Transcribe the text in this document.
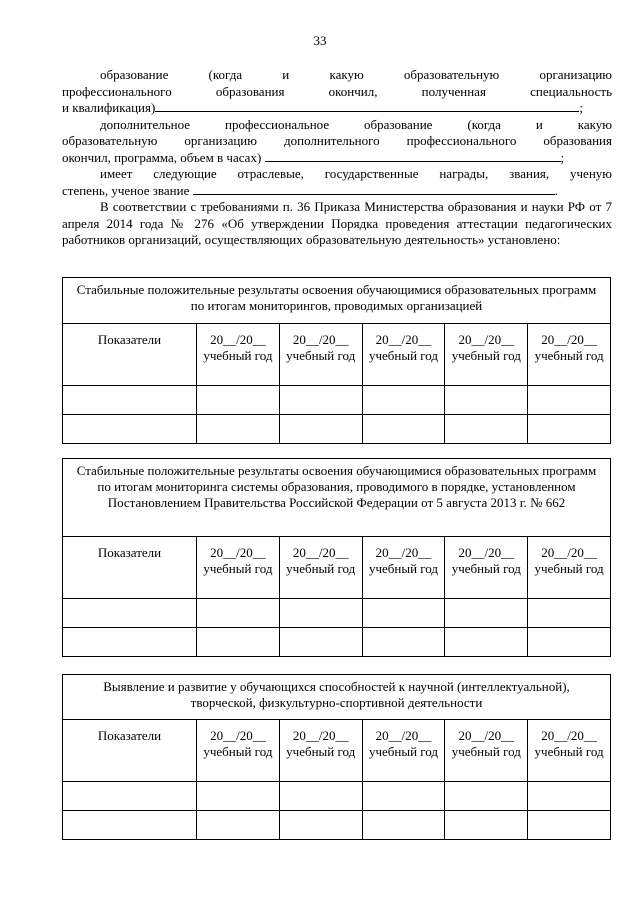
33

образование (когда и какую образовательную организацию

профессионального образования окончил, полученная специальность

и квалификация)	;

дополнительное профессиональное образование (когда и какую

образовательную организацию дополнительного профессионального образования

окончил, программа, объем в часах)	;

имеет следующие отраслевые, государственные награды, звания, ученую

степень, ученое звание	.

В соответствии с требованиями п. 36 Приказа Министерства образования и науки РФ от 7 апреля 2014 года № 276 «Об утверждении Порядка проведения аттестации педагогических работников организаций, осуществляющих образовательную деятельность» установлено:

Стабильные положительные результаты освоения обучающимися образовательных программ по итогам мониторингов, проводимых организацией					
Показатели	20__/20__ учебный год	20__/20__ учебный год	20__/20__ учебный год	20__/20__ учебный год	20__/20__ учебный год

Стабильные положительные результаты освоения обучающимися образовательных программ по итогам мониторинга системы образования, проводимого в порядке, установленном Постановлением Правительства Российской Федерации от 5 августа 2013 г. № 662					
Показатели	20__/20__ учебный год	20__/20__ учебный год	20__/20__ учебный год	20__/20__ учебный год	20__/20__ учебный год

Выявление и развитие у обучающихся способностей к научной (интеллектуальной), творческой, физкультурно-спортивной деятельности					
Показатели	20__/20__ учебный год	20__/20__ учебный год	20__/20__ учебный год	20__/20__ учебный год	20__/20__ учебный год
